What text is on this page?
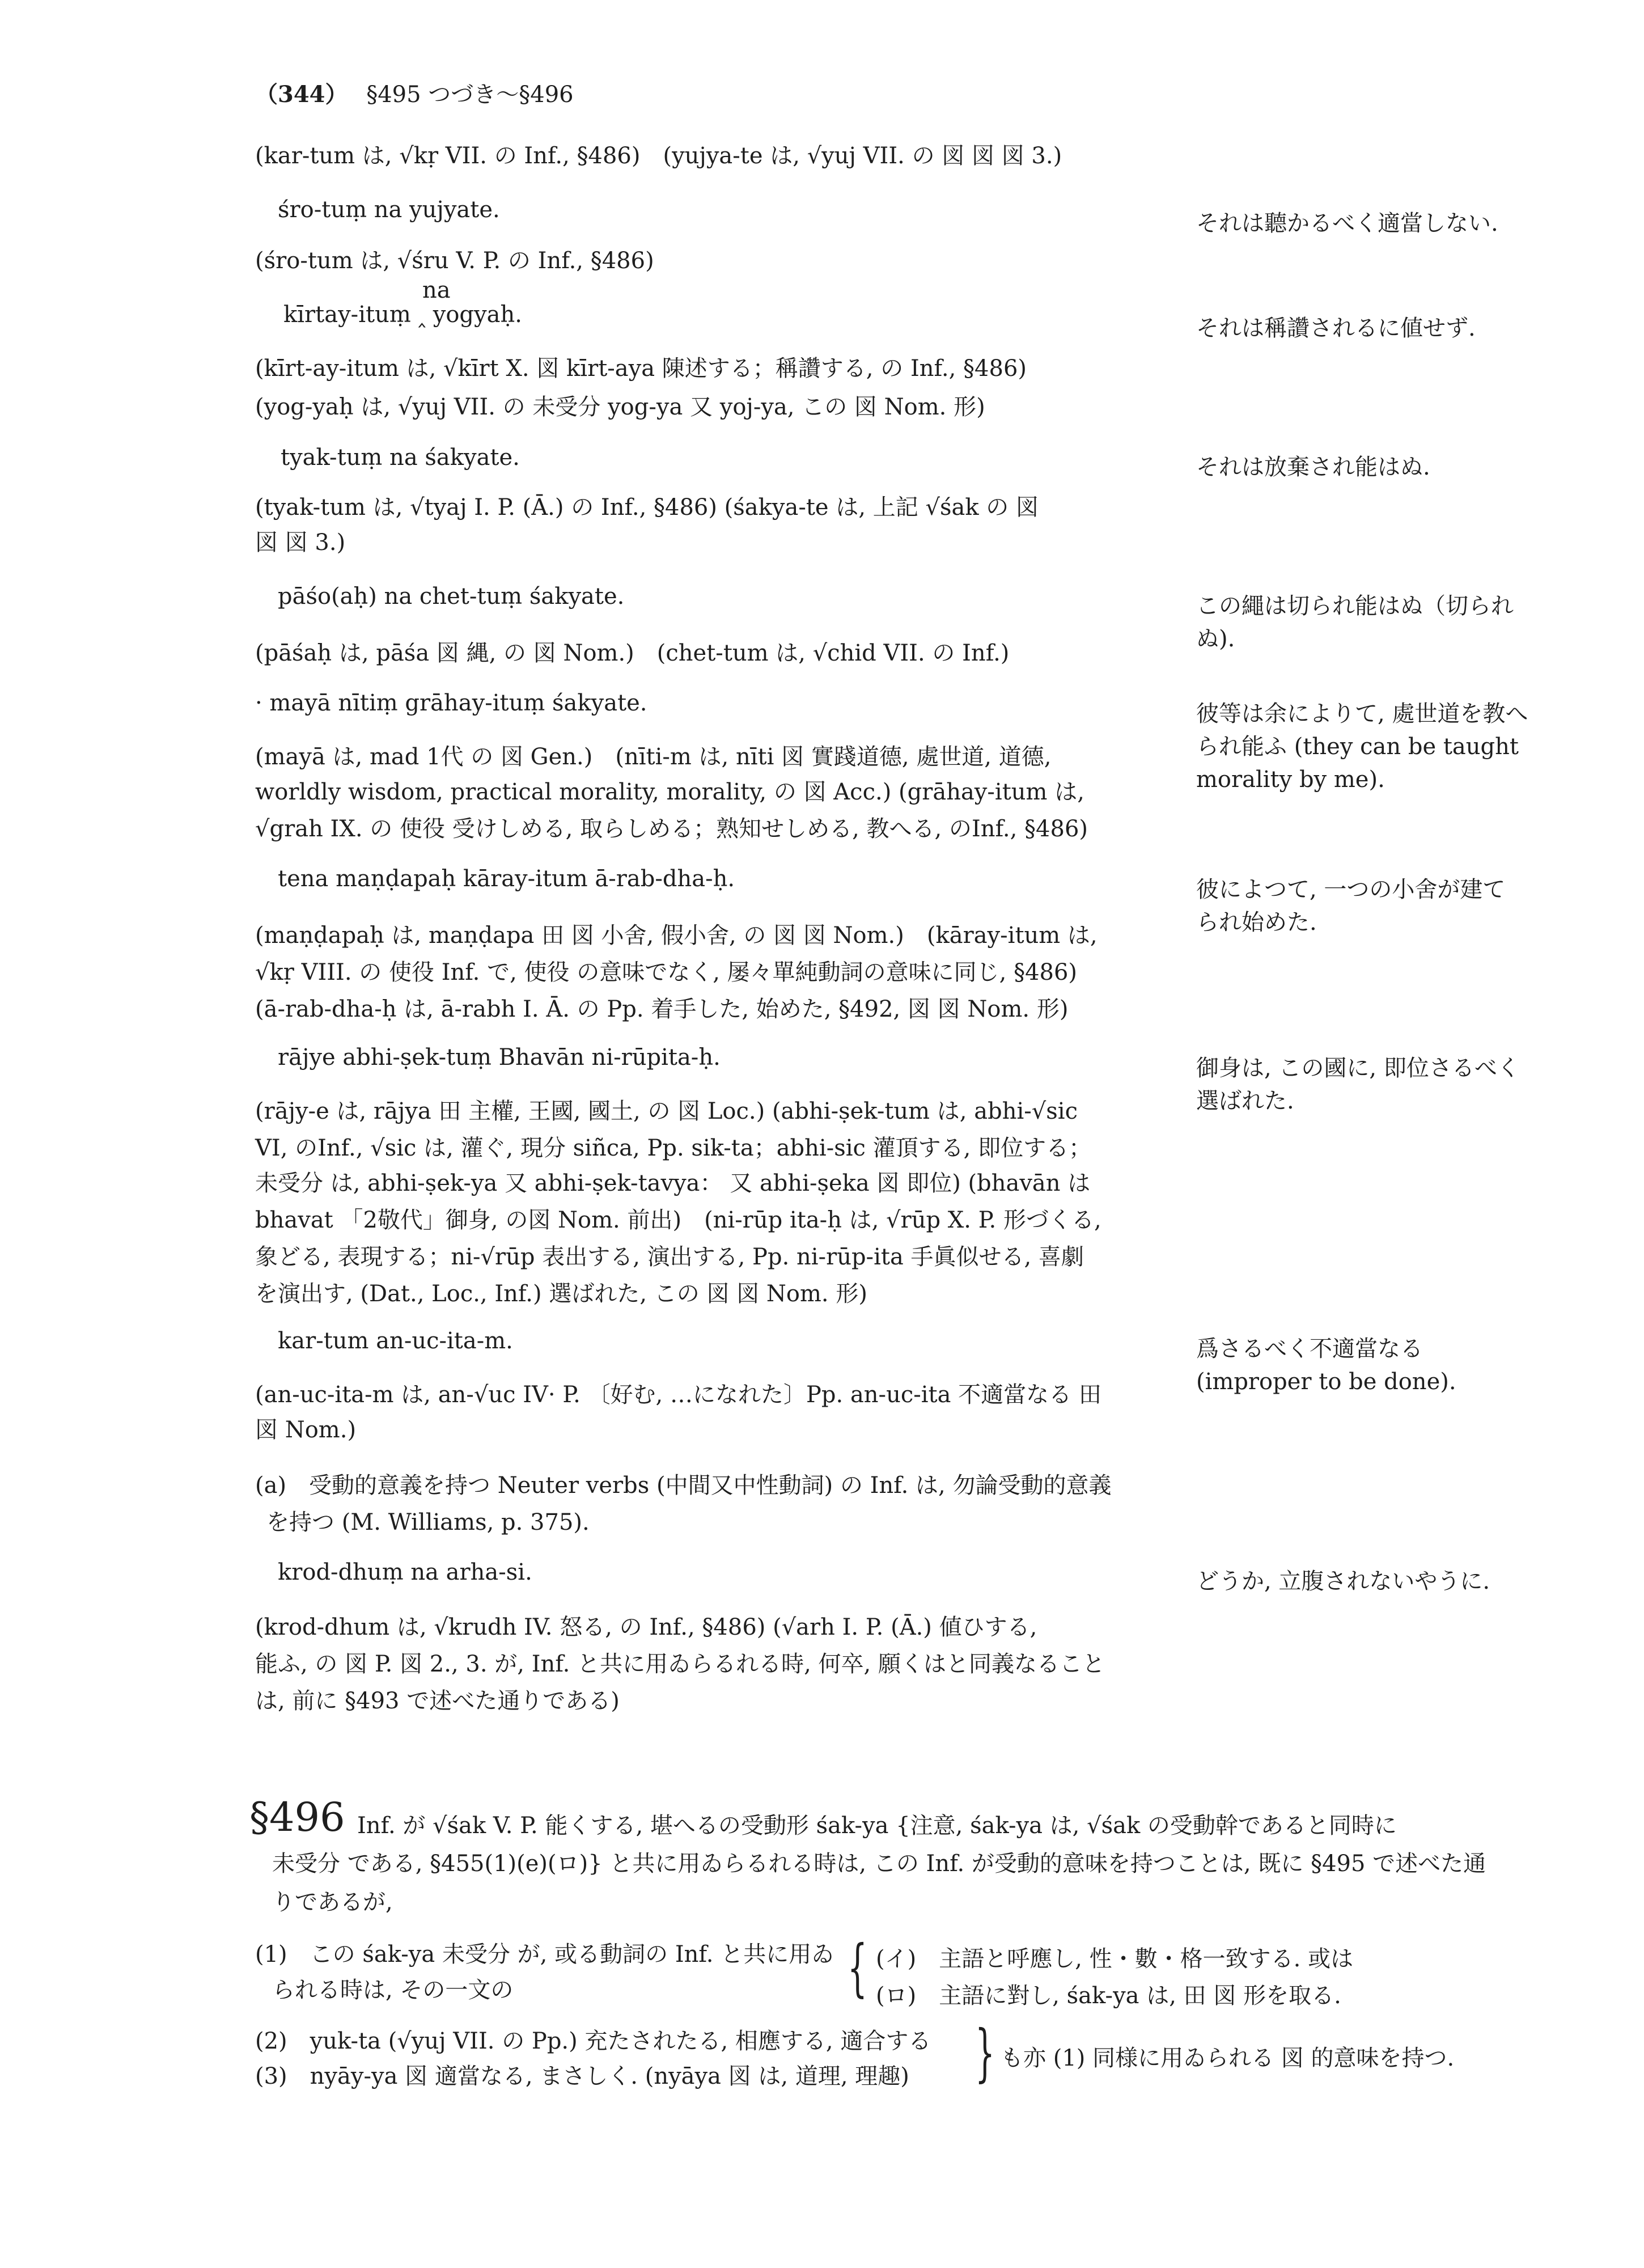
（344） §495 つづき～§496
(kar-tum は, √kṛ VII. の Inf., §486)　(yujya-te は, √yuj VII. の 図 図 図 3.)
śro-tuṃ na yujyate.
(śro-tum は, √śru V. P. の Inf., §486)
na
kīrtay-ituṃ ‸ yogyaḥ.
(kīrt-ay-itum は, √kīrt X. 図 kīrt-aya 陳述する；稱讚する, の Inf., §486)
(yog-yaḥ は, √yuj VII. の 未受分 yog-ya 又 yoj-ya, この 図 Nom. 形)
tyak-tuṃ na śakyate.
(tyak-tum は, √tyaj I. P. (Ā.) の Inf., §486) (śakya-te は, 上記 √śak の 図
図 図 3.)
pāśo(aḥ) na chet-tuṃ śakyate.
(pāśaḥ は, pāśa 図 縄, の 図 Nom.)　(chet-tum は, √chid VII. の Inf.)
· mayā nītiṃ grāhay-ituṃ śakyate.
(mayā は, mad 1代 の 図 Gen.)　(nīti-m は, nīti 図 實踐道德, 處世道, 道德,
worldly wisdom, practical morality, morality, の 図 Acc.) (grāhay-itum は,
√grah IX. の 使役 受けしめる, 取らしめる；熟知せしめる, 教へる, のInf., §486)
tena maṇḍapaḥ kāray-itum ā-rab-dha-ḥ.
(maṇḍapaḥ は, maṇḍapa 田 図 小舍, 假小舍, の 図 図 Nom.)　(kāray-itum は,
√kṛ VIII. の 使役 Inf. で, 使役 の意味でなく, 屡々單純動詞の意味に同じ, §486)
(ā-rab-dha-ḥ は, ā-rabh I. Ā. の Pp. 着手した, 始めた, §492, 図 図 Nom. 形)
rājye abhi-ṣek-tuṃ Bhavān ni-rūpita-ḥ.
(rājy-e は, rājya 田 主權, 王國, 國土, の 図 Loc.) (abhi-ṣek-tum は, abhi-√sic
VI, のInf., √sic は, 灌ぐ, 現分 siñca, Pp. sik-ta；abhi-sic 灌頂する, 即位する；
未受分 は, abhi-ṣek-ya 又 abhi-ṣek-tavya： 又 abhi-ṣeka 図 即位) (bhavān は
bhavat 「2敬代」御身, の図 Nom. 前出)　(ni-rūp ita-ḥ は, √rūp X. P. 形づくる,
象どる, 表現する；ni-√rūp 表出する, 演出する, Pp. ni-rūp-ita 手眞似せる, 喜劇
を演出す, (Dat., Loc., Inf.) 選ばれた, この 図 図 Nom. 形)
kar-tum an-uc-ita-m.
(an-uc-ita-m は, an-√uc IV· P. 〔好む, …になれた〕Pp. an-uc-ita 不適當なる 田
図 Nom.)
(a)　受動的意義を持つ Neuter verbs (中間又中性動詞) の Inf. は, 勿論受動的意義
を持つ (M. Williams, p. 375).
krod-dhuṃ na arha-si.
(krod-dhum は, √krudh IV. 怒る, の Inf., §486) (√arh I. P. (Ā.) 値ひする,
能ふ, の 図 P. 図 2., 3. が, Inf. と共に用ゐらるれる時, 何卒, 願くはと同義なること
は, 前に §493 で述べた通りである)
それは聽かるべく適當しない.
それは稱讚されるに値せず.
それは放棄され能はぬ.
この繩は切られ能はぬ（切られぬ).
彼等は余によりて, 處世道を教へられ能ふ (they can be taught morality by me).
彼によつて, 一つの小舍が建てられ始めた.
御身は, この國に, 即位さるべく選ばれた.
爲さるべく不適當なる(improper to be done).
どうか, 立腹されないやうに.
§496 Inf. が √śak V. P. 能くする, 堪へるの受動形 śak-ya {注意, śak-ya は, √śak の受動幹であると同時に
未受分 である, §455(1)(e)(ロ)} と共に用ゐらるれる時は, この Inf. が受動的意味を持つことは, 既に §495 で述べた通
りであるが,
(1)　この śak-ya 未受分 が, 或る動詞の Inf. と共に用ゐ
られる時は, その一文の	{ (イ)　主語と呼應し, 性・數・格一致する. 或は
(ロ)　主語に對し, śak-ya は, 田 図 形を取る.
(2)　yuk-ta (√yuj VII. の Pp.) 充たされたる, 相應する, 適合する
(3)　nyāy-ya 図 適當なる, まさしく. (nyāya 図 は, 道理, 理趣) } も亦 (1) 同様に用ゐられる 図 的意味を持つ.
